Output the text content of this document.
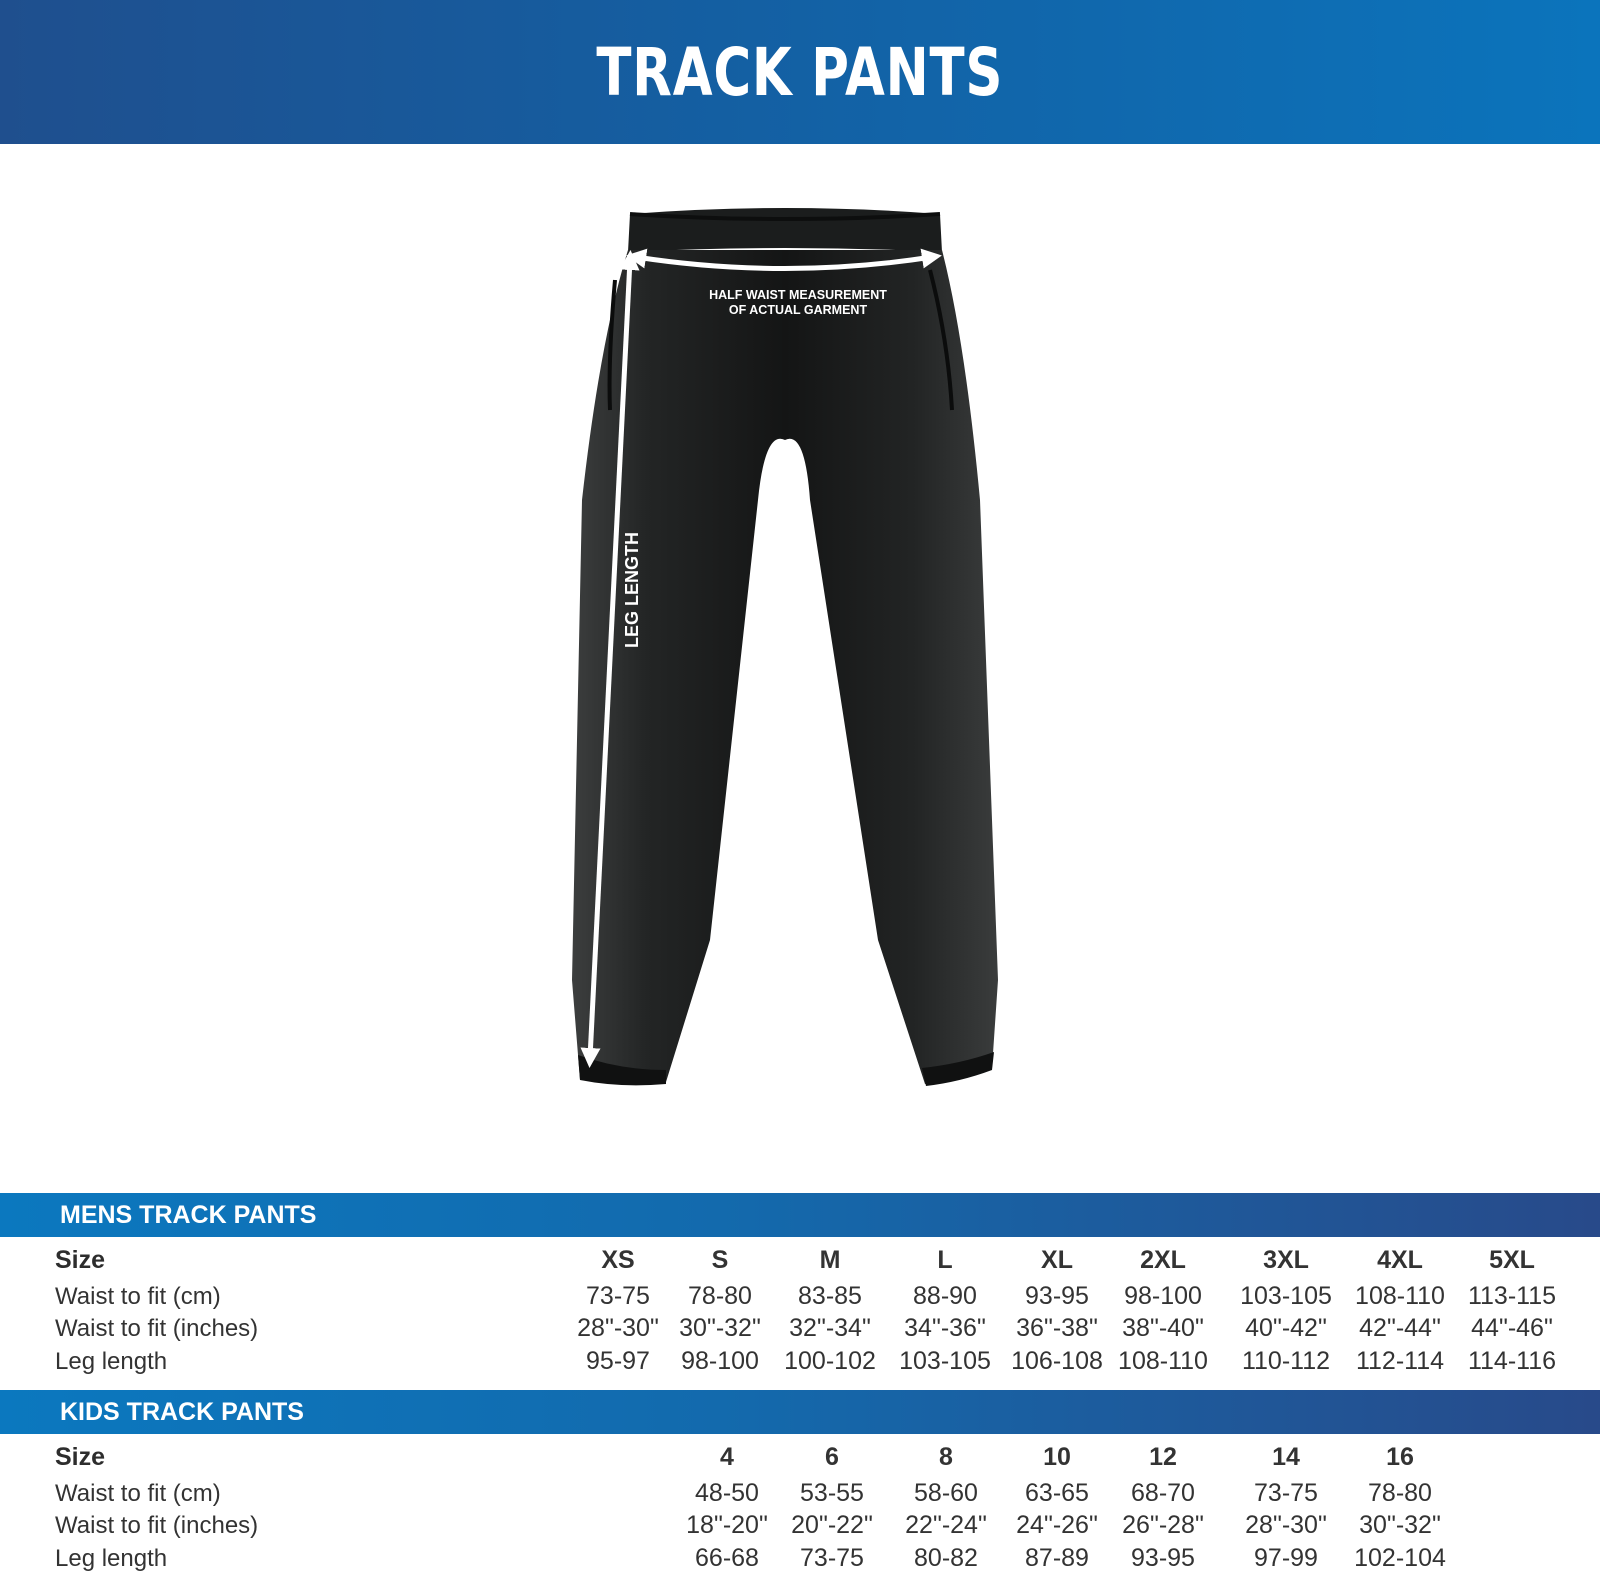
TRACK PANTS
HALF WAIST MEASUREMENT
OF ACTUAL GARMENT
LEG LENGTH
MENS TRACK PANTS
Size	XS	S	M	L	XL	2XL	3XL	4XL	5XL
Waist to fit (cm)	73-75	78-80	83-85	88-90	93-95	98-100	103-105 108-110 113-115
Waist to fit (inches)	28"-30" 30"-32"	32"-34"	34"-36"	36"-38" 38"-40"	40"-42"	42"-44"	44"-46"
Leg length	95-97	98-100	100-102 103-105 106-108 108-110	110-112	112-114 114-116
KIDS TRACK PANTS
Size	4	6	8	10	12	14	16
Waist to fit (cm)	48-50	53-55	58-60	63-65	68-70	73-75	78-80
Waist to fit (inches)	18"-20" 20"-22"	22"-24"	24"-26" 26"-28"	28"-30"	30"-32"
Leg length	66-68	73-75	80-82	87-89	93-95	97-99	102-104
